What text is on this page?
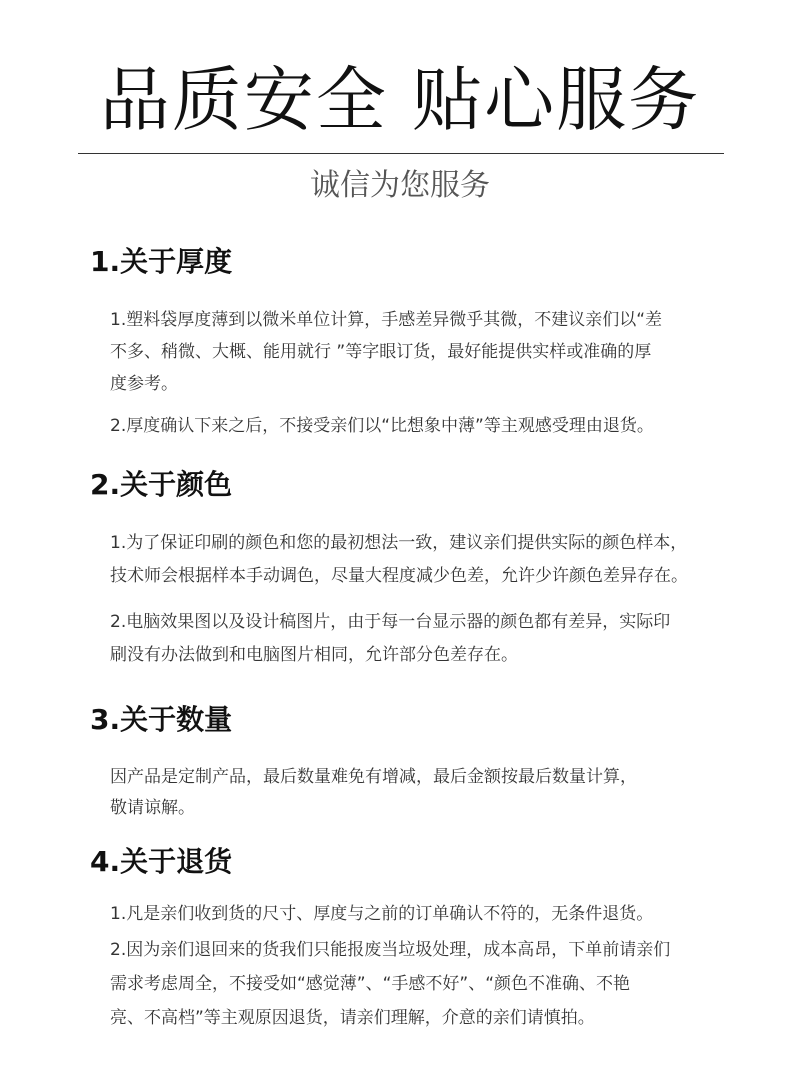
品质安全 贴心服务
诚信为您服务
1.关于厚度
1.塑料袋厚度薄到以微米单位计算，手感差异微乎其微，不建议亲们以“差
不多、稍微、大概、能用就行 ”等字眼订货，最好能提供实样或准确的厚
度参考。
2.厚度确认下来之后，不接受亲们以“比想象中薄”等主观感受理由退货。
2.关于颜色
1.为了保证印刷的颜色和您的最初想法一致，建议亲们提供实际的颜色样本，
技术师会根据样本手动调色，尽量大程度减少色差，允许少许颜色差异存在。
2.电脑效果图以及设计稿图片，由于每一台显示器的颜色都有差异，实际印
刷没有办法做到和电脑图片相同，允许部分色差存在。
3.关于数量
因产品是定制产品，最后数量难免有增减，最后金额按最后数量计算，
敬请谅解。
4.关于退货
1.凡是亲们收到货的尺寸、厚度与之前的订单确认不符的，无条件退货。
2.因为亲们退回来的货我们只能报废当垃圾处理，成本高昂，下单前请亲们
需求考虑周全，不接受如“感觉薄”、“手感不好”、“颜色不准确、不艳
亮、不高档”等主观原因退货，请亲们理解，介意的亲们请慎拍。
